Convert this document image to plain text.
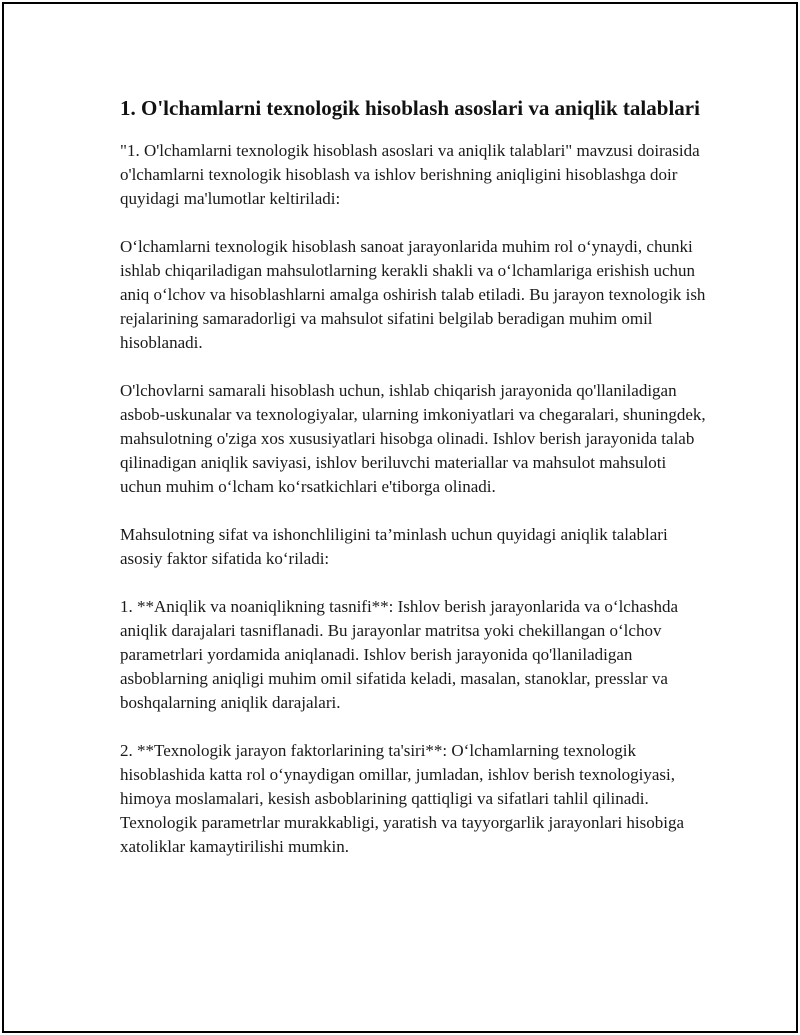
1. O'lchamlarni texnologik hisoblash asoslari va aniqlik talablari

"1. O'lchamlarni texnologik hisoblash asoslari va aniqlik talablari" mavzusi doirasida o'lchamlarni texnologik hisoblash va ishlov berishning aniqligini hisoblashga doir quyidagi ma'lumotlar keltiriladi:

O‘lchamlarni texnologik hisoblash sanoat jarayonlarida muhim rol o‘ynaydi, chunki ishlab chiqariladigan mahsulotlarning kerakli shakli va o‘lchamlariga erishish uchun aniq o‘lchov va hisoblashlarni amalga oshirish talab etiladi. Bu jarayon texnologik ish rejalarining samaradorligi va mahsulot sifatini belgilab beradigan muhim omil hisoblanadi.

O'lchovlarni samarali hisoblash uchun, ishlab chiqarish jarayonida qo'llaniladigan asbob-uskunalar va texnologiyalar, ularning imkoniyatlari va chegaralari, shuningdek, mahsulotning o'ziga xos xususiyatlari hisobga olinadi. Ishlov berish jarayonida talab qilinadigan aniqlik saviyasi, ishlov beriluvchi materiallar va mahsulot mahsuloti uchun muhim o‘lcham ko‘rsatkichlari e'tiborga olinadi.

Mahsulotning sifat va ishonchliligini ta’minlash uchun quyidagi aniqlik talablari asosiy faktor sifatida ko‘riladi:

1. **Aniqlik va noaniqlikning tasnifi**: Ishlov berish jarayonlarida va o‘lchashda aniqlik darajalari tasniflanadi. Bu jarayonlar matritsa yoki chekillangan o‘lchov parametrlari yordamida aniqlanadi. Ishlov berish jarayonida qo'llaniladigan asboblarning aniqligi muhim omil sifatida keladi, masalan, stanoklar, presslar va boshqalarning aniqlik darajalari.

2. **Texnologik jarayon faktorlarining ta'siri**: O‘lchamlarning texnologik hisoblashida katta rol o‘ynaydigan omillar, jumladan, ishlov berish texnologiyasi, himoya moslamalari, kesish asboblarining qattiqligi va sifatlari tahlil qilinadi. Texnologik parametrlar murakkabligi, yaratish va tayyorgarlik jarayonlari hisobiga xatoliklar kamaytirilishi mumkin.
